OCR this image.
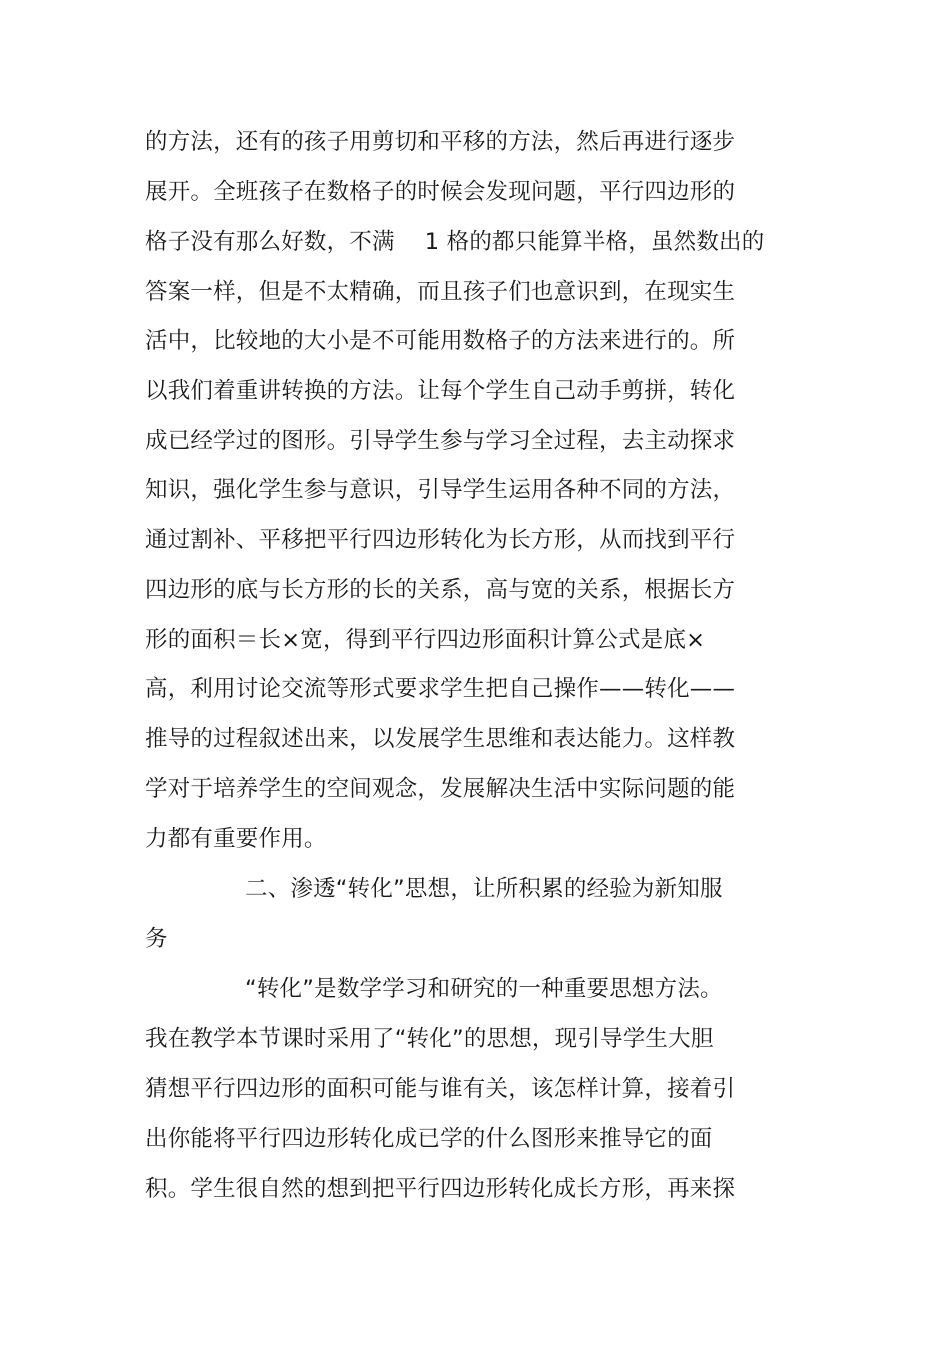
的方法，还有的孩子用剪切和平移的方法，然后再进行逐步

展开。全班孩子在数格子的时候会发现问题，平行四边形的

格子没有那么好数，不满　 1 格的都只能算半格，虽然数出的

答案一样，但是不太精确，而且孩子们也意识到，在现实生

活中，比较地的大小是不可能用数格子的方法来进行的。所

以我们着重讲转换的方法。让每个学生自己动手剪拼，转化

成已经学过的图形。引导学生参与学习全过程，去主动探求

知识，强化学生参与意识，引导学生运用各种不同的方法，

通过割补、平移把平行四边形转化为长方形，从而找到平行

四边形的底与长方形的长的关系，高与宽的关系，根据长方

形的面积＝长×宽，得到平行四边形面积计算公式是底×

高，利用讨论交流等形式要求学生把自己操作——转化——

推导的过程叙述出来，以发展学生思维和表达能力。这样教

学对于培养学生的空间观念，发展解决生活中实际问题的能

力都有重要作用。

二、渗透“转化”思想，让所积累的经验为新知服

务

“转化”是数学学习和研究的一种重要思想方法。

我在教学本节课时采用了“转化”的思想，现引导学生大胆

猜想平行四边形的面积可能与谁有关，该怎样计算，接着引

出你能将平行四边形转化成已学的什么图形来推导它的面

积。学生很自然的想到把平行四边形转化成长方形，再来探
